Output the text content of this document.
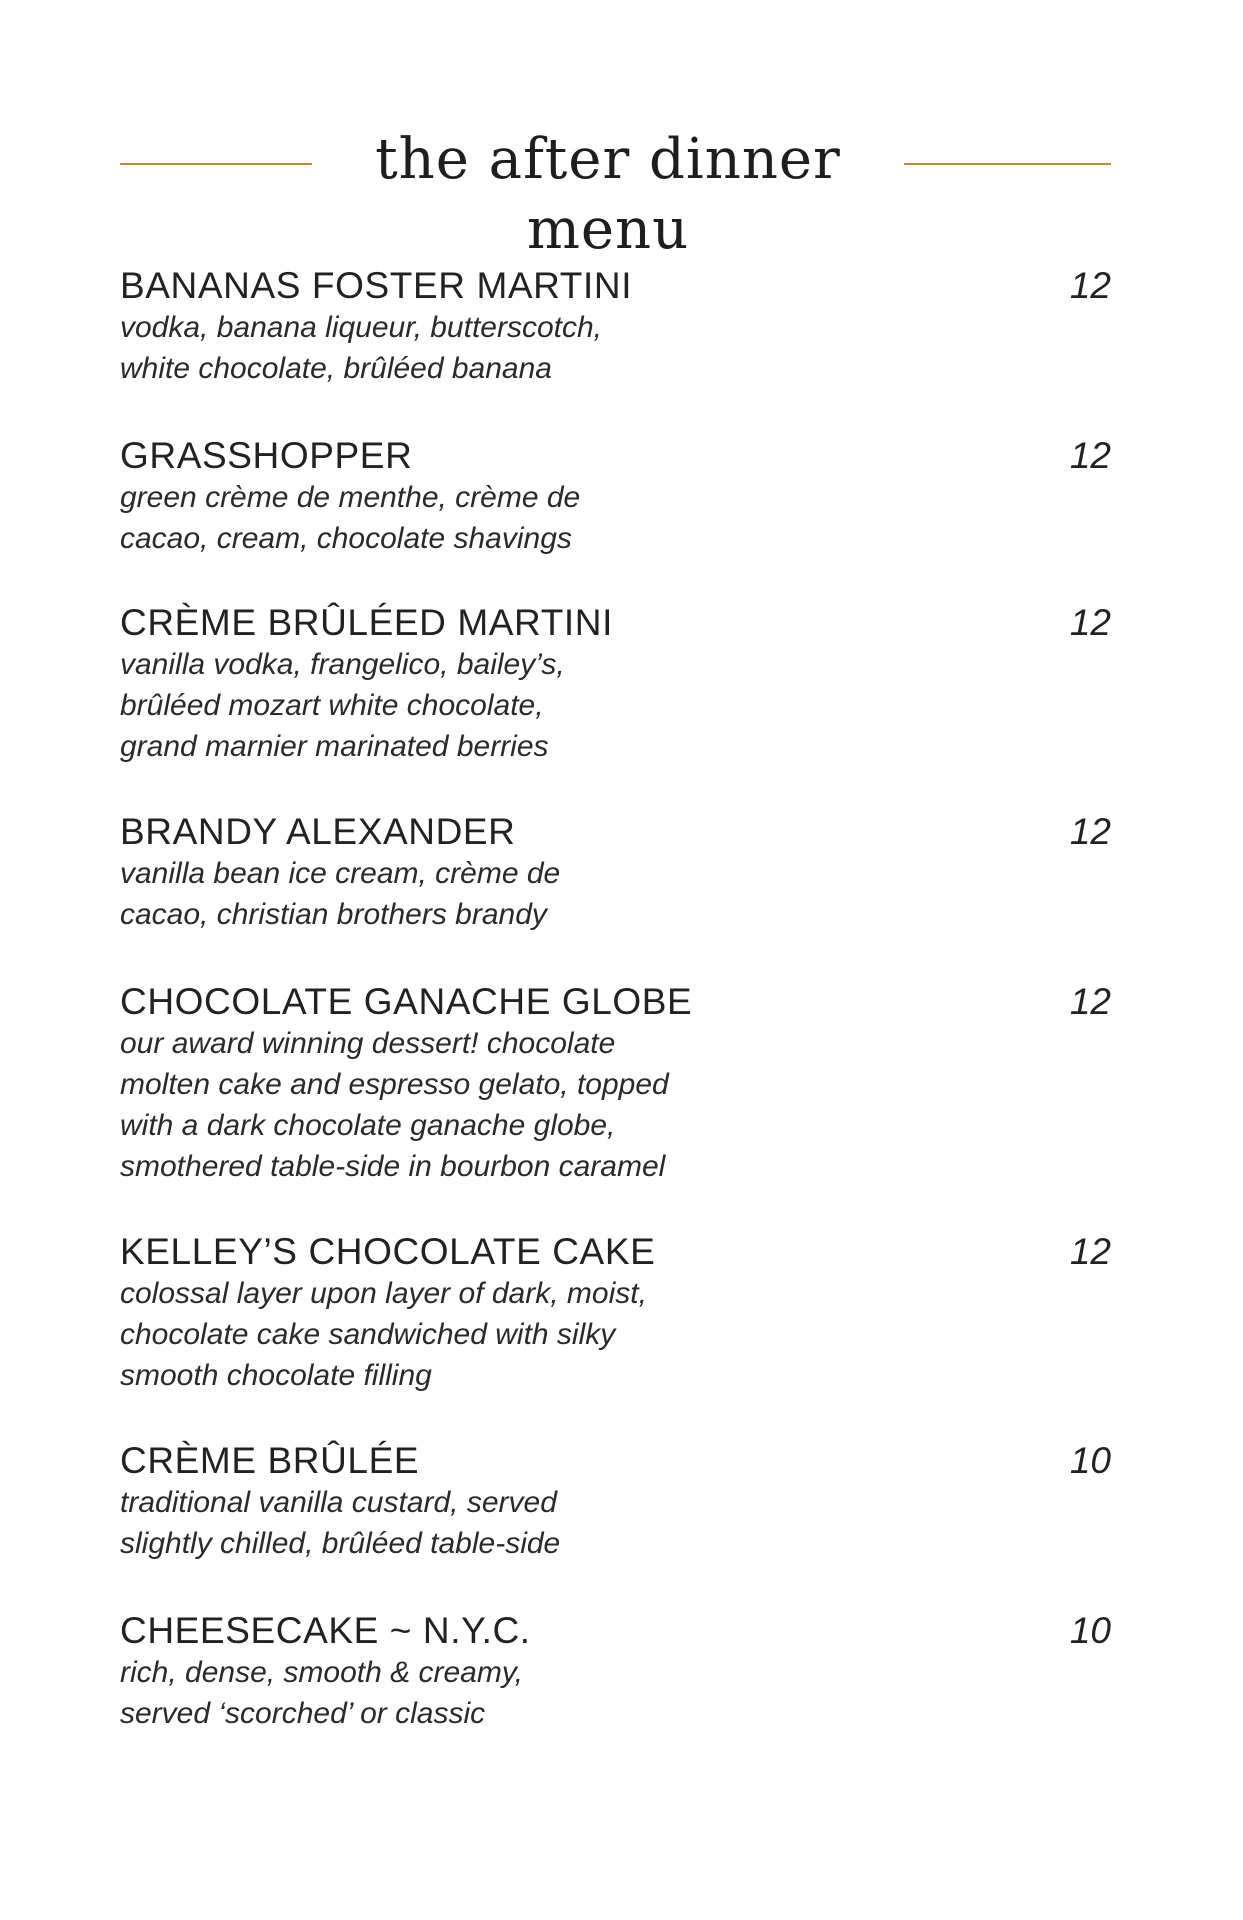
the after dinner menu
BANANAS FOSTER MARTINI	12
vodka, banana liqueur, butterscotch,
white chocolate, brûléed banana
GRASSHOPPER	12
green crème de menthe, crème de
cacao, cream, chocolate shavings
CRÈME BRÛLÉED MARTINI	12
vanilla vodka, frangelico, bailey’s,
brûléed mozart white chocolate,
grand marnier marinated berries
BRANDY ALEXANDER	12
vanilla bean ice cream, crème de
cacao, christian brothers brandy
CHOCOLATE GANACHE GLOBE	12
our award winning dessert! chocolate
molten cake and espresso gelato, topped
with a dark chocolate ganache globe,
smothered table-side in bourbon caramel
KELLEY’S CHOCOLATE CAKE	12
colossal layer upon layer of dark, moist,
chocolate cake sandwiched with silky
smooth chocolate filling
CRÈME BRÛLÉE	10
traditional vanilla custard, served
slightly chilled, brûléed table-side
CHEESECAKE ~ N.Y.C.	10
rich, dense, smooth & creamy,
served ‘scorched’ or classic
